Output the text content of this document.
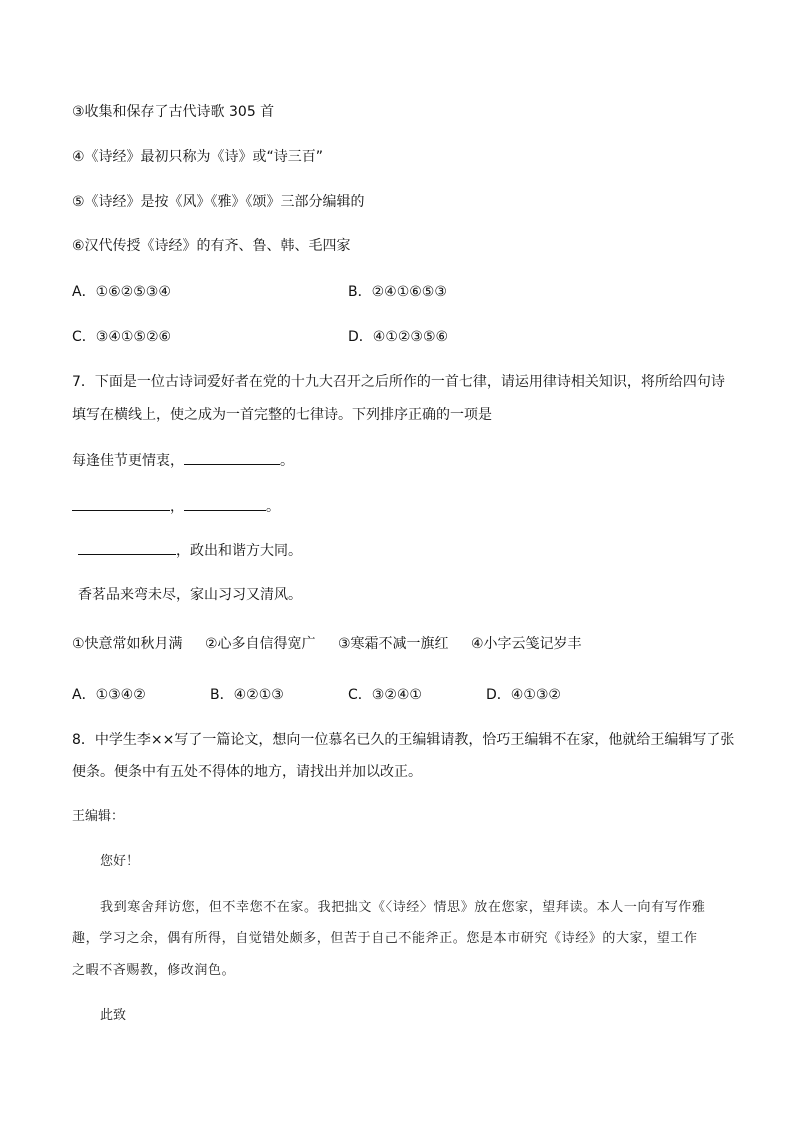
③收集和保存了古代诗歌 305 首
④《诗经》最初只称为《诗》或“诗三百”
⑤《诗经》是按《风》《雅》《颂》三部分编辑的
⑥汉代传授《诗经》的有齐、鲁、韩、毛四家
A．①⑥②⑤③④	B．②④①⑥⑤③
C．③④①⑤②⑥	D．④①②③⑤⑥
7．下面是一位古诗词爱好者在党的十九大召开之后所作的一首七律，请运用律诗相关知识，将所给四句诗
填写在横线上，使之成为一首完整的七律诗。下列排序正确的一项是
每逢佳节更情衷，	。
，	。
，政出和谐方大同。
香茗品来弯未尽，家山习习又清风。
①快意常如秋月满 ②心多自信得宽广 ③寒霜不减一旗红 ④小字云笺记岁丰
A．①③④②	B．④②①③	C．③②④①	D．④①③②
8．中学生李××写了一篇论文，想向一位慕名已久的王编辑请教，恰巧王编辑不在家，他就给王编辑写了张
便条。便条中有五处不得体的地方，请找出并加以改正。
王编辑：
您好！
我到寒舍拜访您，但不幸您不在家。我把拙文《〈诗经〉情思》放在您家，望拜读。本人一向有写作雅
趣，学习之余，偶有所得，自觉错处颇多，但苦于自己不能斧正。您是本市研究《诗经》的大家，望工作
之暇不吝赐教，修改润色。
此致
